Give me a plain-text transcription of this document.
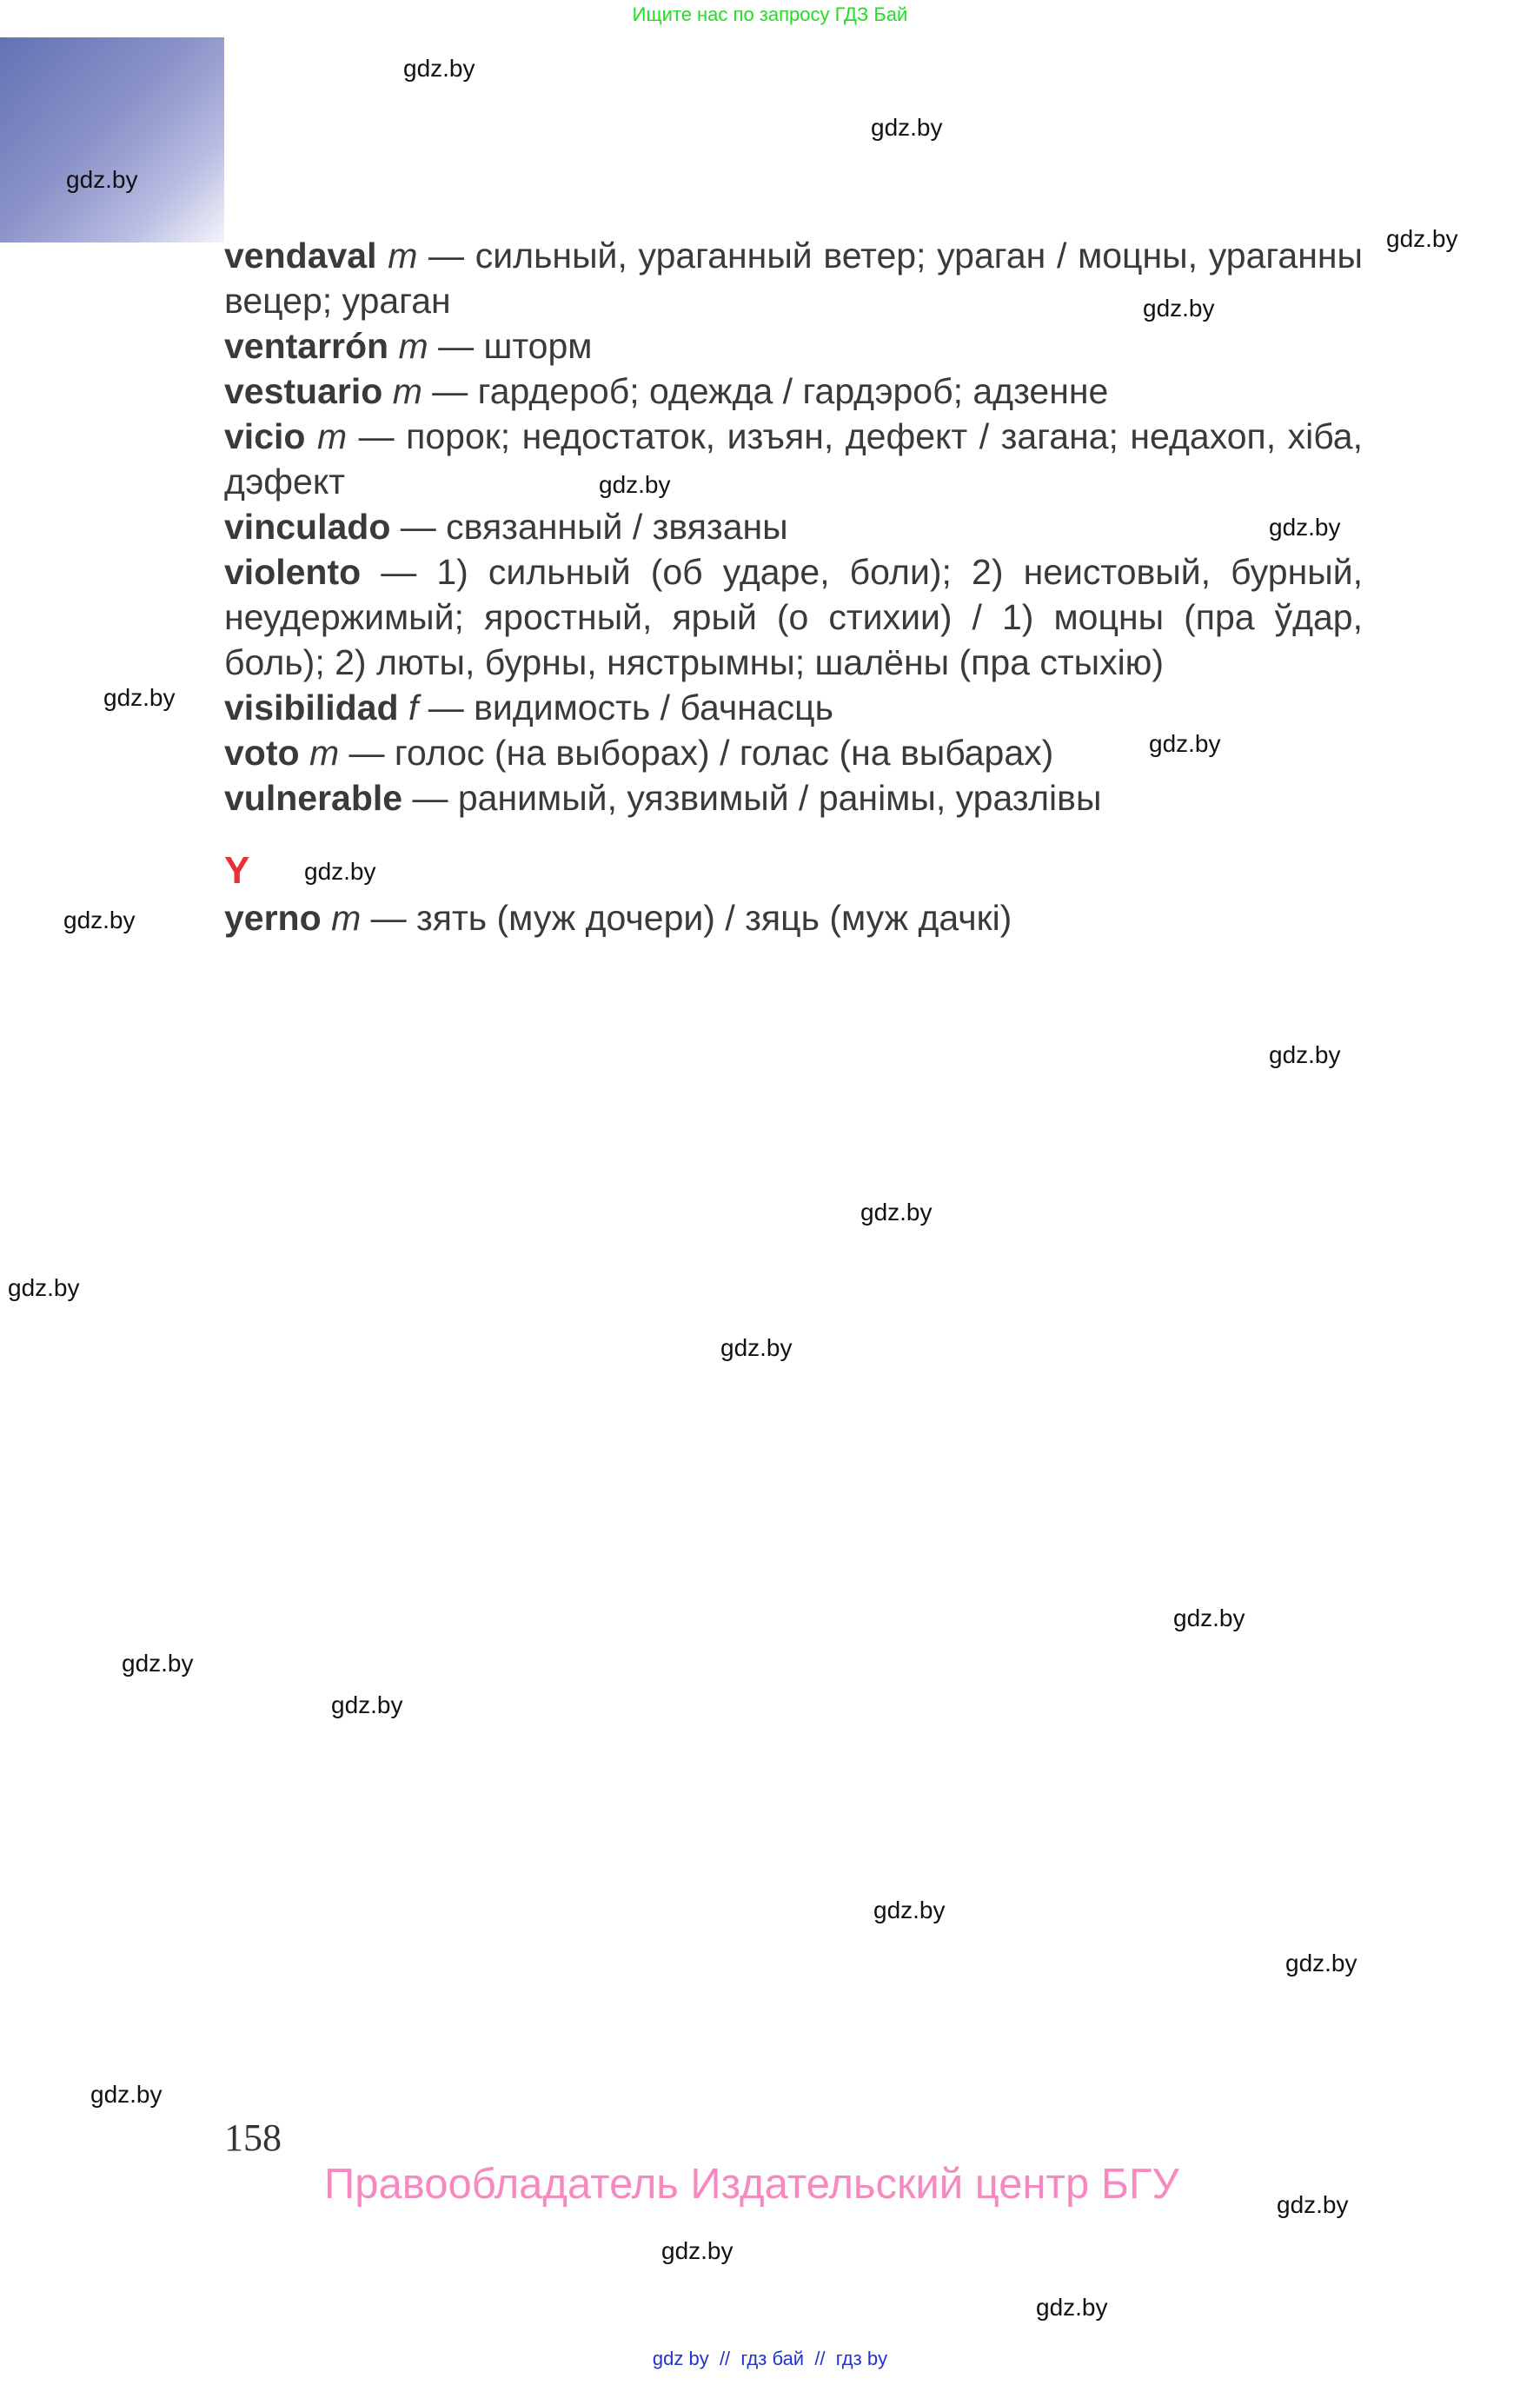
Ищите нас по запросу ГДЗ Бай

vendaval m — сильный, ураганный ветер; ураган / моцны, ураганны вецер; ураган

ventarrón m — шторм

vestuario m — гардероб; одежда / гардэроб; адзенне

vicio m — порок; недостаток, изъян, дефект / загана; недахоп, хіба, дэфект

vinculado — связанный / звязаны

violento — 1) сильный (об ударе, боли); 2) неистовый, бурный, неудержимый; яростный, ярый (о стихии) / 1) моцны (пра ўдар, боль); 2) люты, бурны, нястрымны; шалёны (пра стыхію)

visibilidad f — видимость / бачнасць

voto m — голос (на выборах) / голас (на выбарах)

vulnerable — ранимый, уязвимый / ранімы, уразлівы

Y

yerno m — зять (муж дочери) / зяць (муж дачкі)

158
Правообладатель Издательский центр БГУ
gdz by  //  гдз бай  //  гдз by
gdz.by
gdz.by
gdz.by
gdz.by
gdz.by
gdz.by
gdz.by
gdz.by
gdz.by
gdz.by
gdz.by
gdz.by
gdz.by
gdz.by
gdz.by
gdz.by
gdz.by
gdz.by
gdz.by
gdz.by
gdz.by
gdz.by
gdz.by
gdz.by
